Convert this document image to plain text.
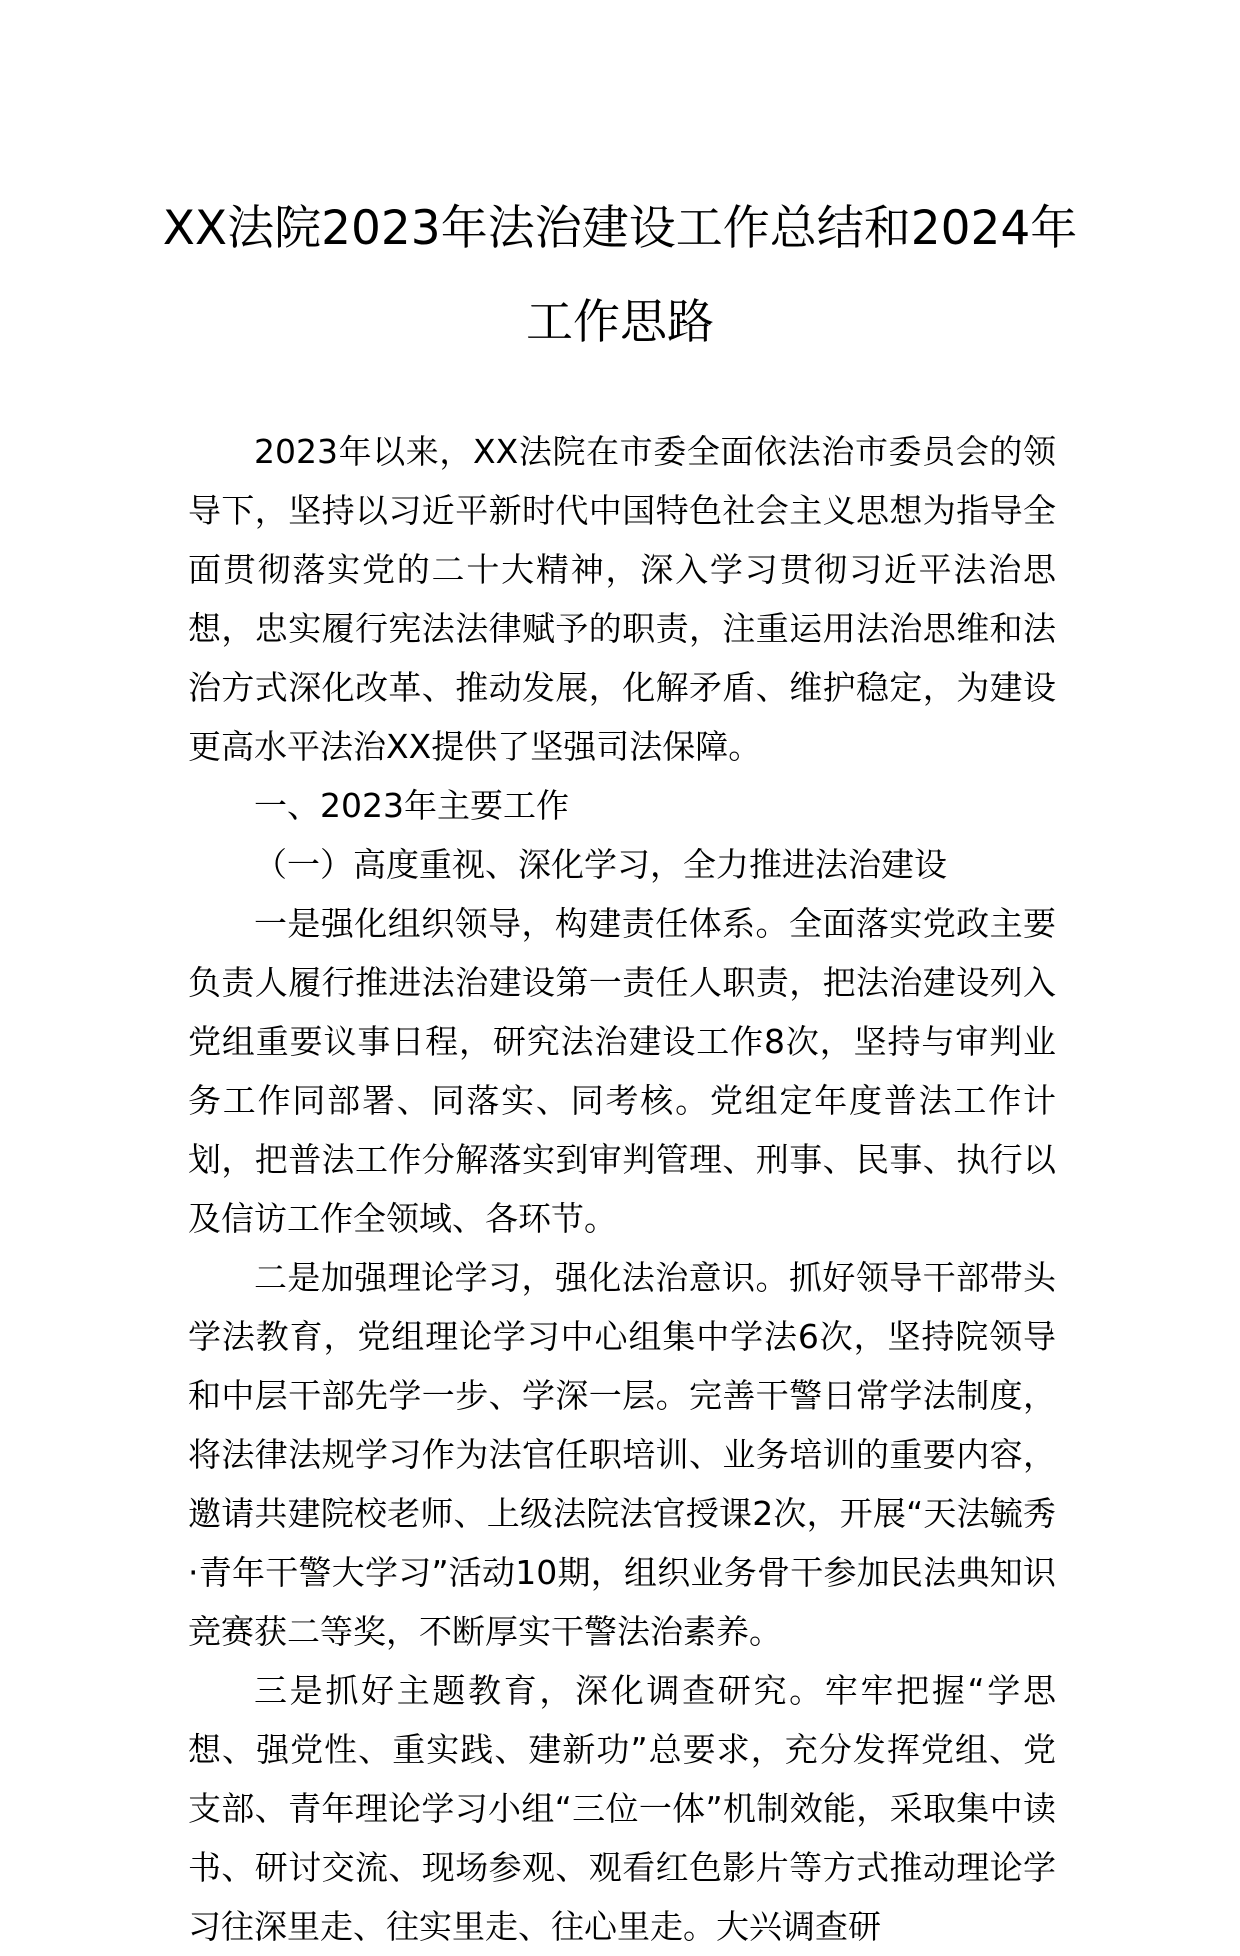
XX法院2023年法治建设工作总结和2024年工作思路

2023年以来，XX法院在市委全面依法治市委员会的领导下，坚持以习近平新时代中国特色社会主义思想为指导全面贯彻落实党的二十大精神，深入学习贯彻习近平法治思想，忠实履行宪法法律赋予的职责，注重运用法治思维和法治方式深化改革、推动发展，化解矛盾、维护稳定，为建设更高水平法治XX提供了坚强司法保障。

一、2023年主要工作

（一）高度重视、深化学习，全力推进法治建设

一是强化组织领导，构建责任体系。全面落实党政主要负责人履行推进法治建设第一责任人职责，把法治建设列入党组重要议事日程，研究法治建设工作8次，坚持与审判业务工作同部署、同落实、同考核。党组定年度普法工作计划，把普法工作分解落实到审判管理、刑事、民事、执行以及信访工作全领域、各环节。

二是加强理论学习，强化法治意识。抓好领导干部带头学法教育，党组理论学习中心组集中学法6次，坚持院领导和中层干部先学一步、学深一层。完善干警日常学法制度，将法律法规学习作为法官任职培训、业务培训的重要内容，邀请共建院校老师、上级法院法官授课2次，开展“天法毓秀·青年干警大学习”活动10期，组织业务骨干参加民法典知识竞赛获二等奖，不断厚实干警法治素养。

三是抓好主题教育，深化调查研究。牢牢把握“学思想、强党性、重实践、建新功”总要求，充分发挥党组、党支部、青年理论学习小组“三位一体”机制效能，采取集中读书、研讨交流、现场参观、观看红色影片等方式推动理论学习往深里走、往实里走、往心里走。大兴调查研
